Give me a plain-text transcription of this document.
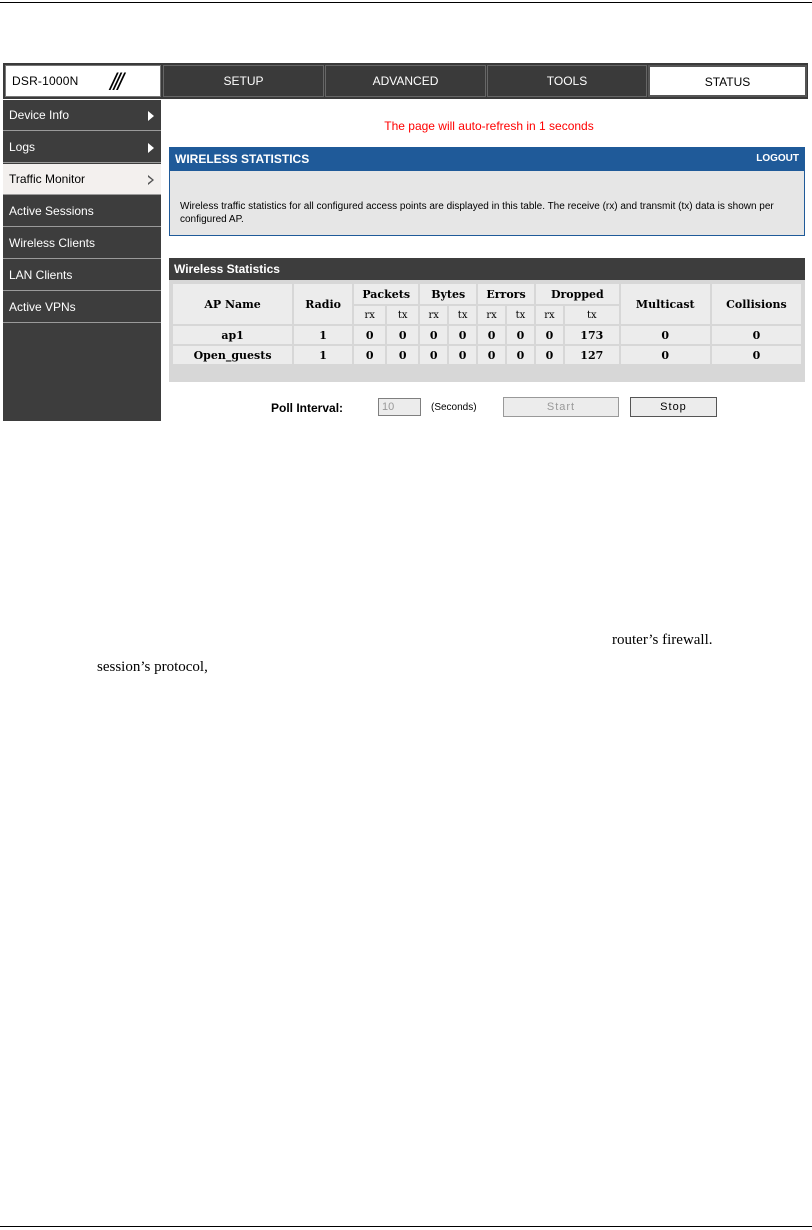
DSR-1000N ///	SETUP	ADVANCED	TOOLS	STATUS
Device Info
Logs
Traffic Monitor
Active Sessions
Wireless Clients
LAN Clients
Active VPNs
The page will auto-refresh in 1 seconds
WIRELESS STATISTICS	LOGOUT
Wireless traffic statistics for all configured access points are displayed in this table. The receive (rx) and transmit (tx) data is shown per configured AP.
Wireless Statistics
AP Name	Radio	Packets		Bytes		Errors		Dropped		Multicast	Collisions
		rx	tx	rx	tx	rx	tx	rx	tx		
ap1	1	0	0	0	0	0	0	0	173	0	0
Open_guests	1	0	0	0	0	0	0	0	127	0	0
Poll Interval:
10	(Seconds)	Start	Stop
router’s firewall.
session’s protocol,
